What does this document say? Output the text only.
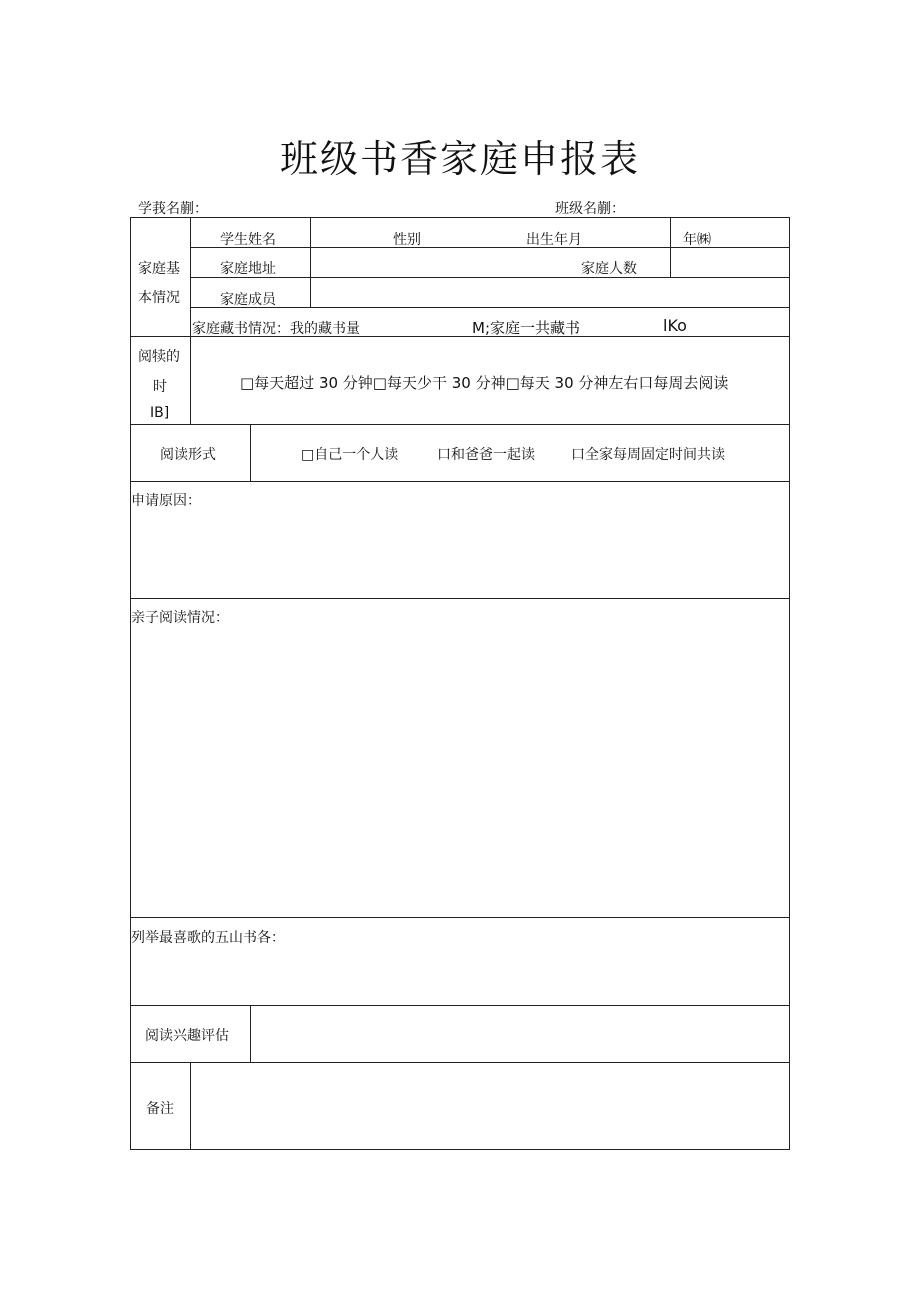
班级书香家庭申报表
学莪名蒯：	班级名蒯：
家庭基
本情况
学生姓名	性别	出生年月	年㈱
家庭地址	家庭人数
家庭成员
家庭藏书情况：我的藏书量	M;家庭一共藏书	lKo
阅犊的
时
IB]
□每天超过 30 分钟□每天少干 30 分神□每天 30 分神左右口每周去阅读
阅读形式	□自己一个人读	口和爸爸一起读	口全家每周固定时间共读
申请原因：
亲子阅读情况：
列举最喜歌的五山书各：
阅读兴趣评估
备注
